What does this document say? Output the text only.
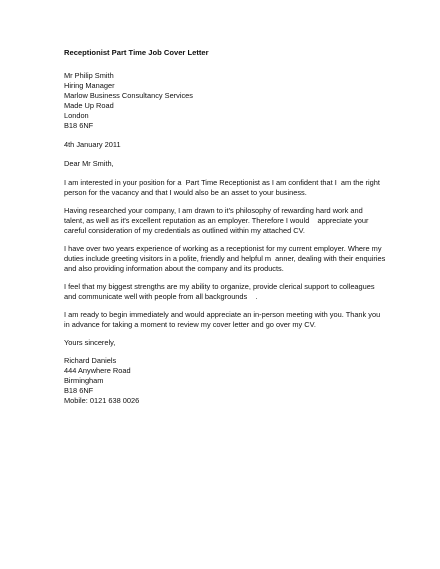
Receptionist Part Time Job Cover Letter
Mr Philip Smith
Hiring Manager
Marlow Business Consultancy Services
Made Up Road
London
B18 6NF
4th January 2011
Dear Mr Smith,
I am interested in your position for a  Part Time Receptionist as I am confident that I  am the right
person for the vacancy and that I would also be an asset to your business.
Having researched your company, I am drawn to it's philosophy of rewarding hard work and
talent, as well as it's excellent reputation as an employer. Therefore I would    appreciate your
careful consideration of my credentials as outlined within my attached CV.
I have over two years experience of working as a receptionist for my current employer. Where my
duties include greeting visitors in a polite, friendly and helpful m  anner, dealing with their enquiries
and also providing information about the company and its products.
I feel that my biggest strengths are my ability to organize, provide clerical support to colleagues
and communicate well with people from all backgrounds    .
I am ready to begin immediately and would appreciate an in-person meeting with you. Thank you
in advance for taking a moment to review my cover letter and go over my CV.
Yours sincerely,
Richard Daniels
444 Anywhere Road
Birmingham
B18 6NF
Mobile: 0121 638 0026
